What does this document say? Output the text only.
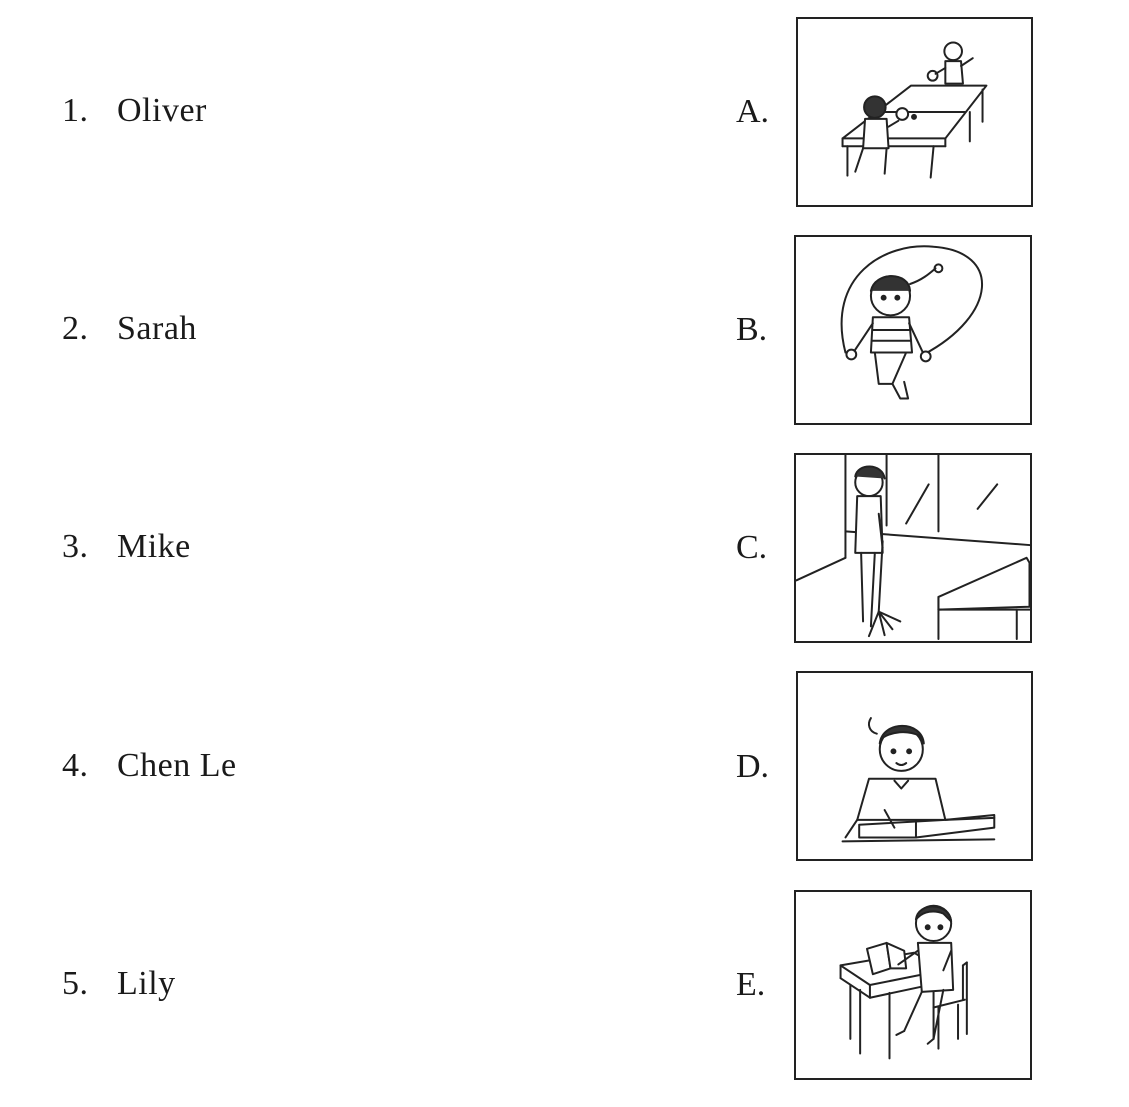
1. Oliver
2. Sarah
3. Mike
4. Chen Le
5. Lily
A.
B.
C.
D.
E.
